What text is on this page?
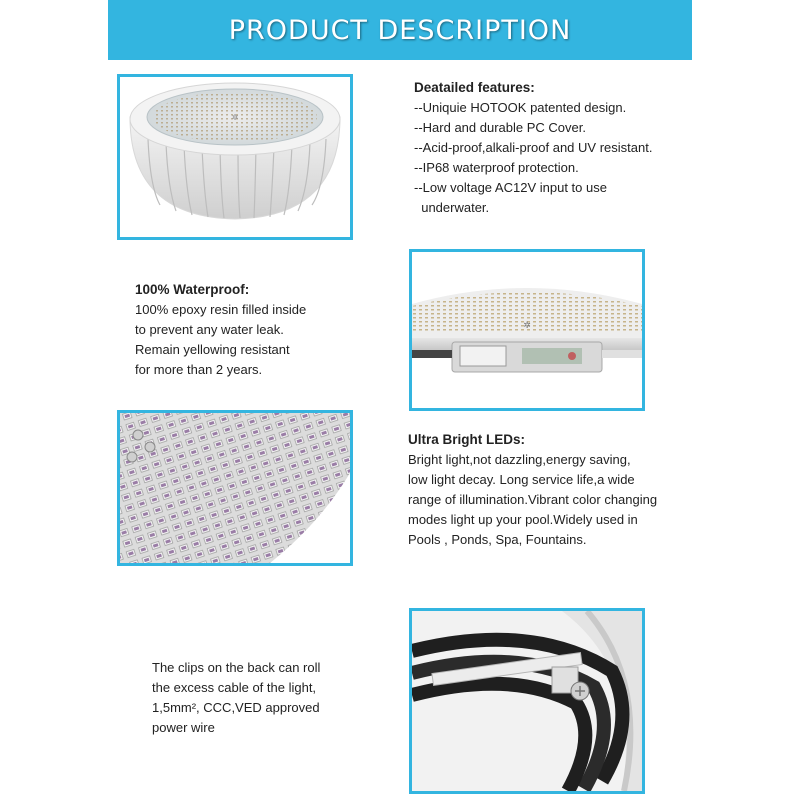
PRODUCT DESCRIPTION
✲
✲
Deatailed features:
--Uniquie HOTOOK patented design.
--Hard and durable PC Cover.
--Acid-proof,alkali-proof and UV resistant.
--IP68 waterproof protection.
--Low voltage AC12V input to use
underwater.
100% Waterproof:
100% epoxy resin filled inside
to prevent any water leak.
Remain yellowing resistant
for more than 2 years.
Ultra Bright LEDs:
Bright light,not dazzling,energy saving,
low light decay. Long service life,a wide
range of illumination.Vibrant color changing
modes light up your pool.Widely used in
Pools , Ponds, Spa, Fountains.
The clips on the back can roll
the excess cable of the light,
1,5mm², CCC,VED approved
power wire
